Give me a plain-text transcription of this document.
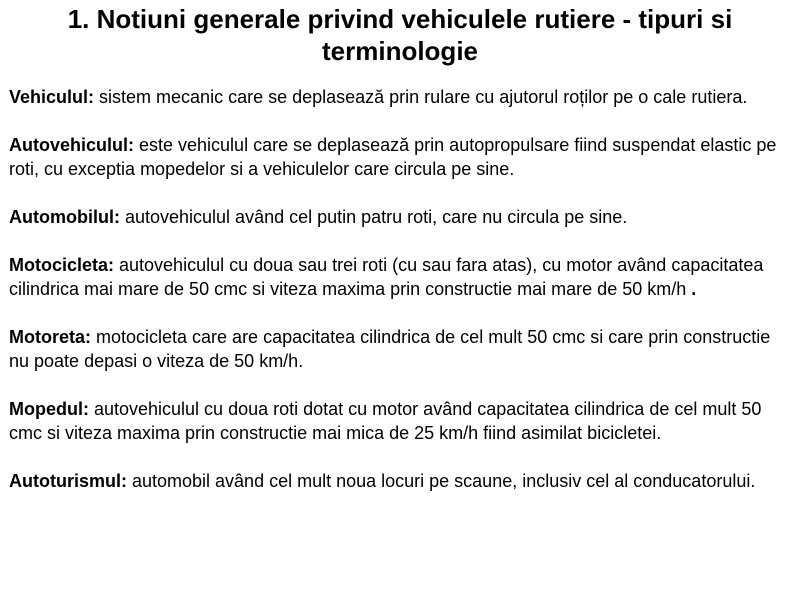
1. Notiuni generale privind vehiculele rutiere - tipuri si terminologie

Vehiculul: sistem mecanic care se deplasează prin rulare cu ajutorul roților pe o cale rutiera.

Autovehiculul: este vehiculul care se deplasează prin autopropulsare fiind suspendat elastic pe roti, cu exceptia mopedelor si a vehiculelor care circula pe sine.

Automobilul: autovehiculul având cel putin patru roti, care nu circula pe sine.

Motocicleta: autovehiculul cu doua sau trei roti (cu sau fara atas), cu motor având capacitatea cilindrica mai mare de 50 cmc si viteza maxima prin constructie mai mare de 50 km/h .

Motoreta: motocicleta care are capacitatea cilindrica de cel mult 50 cmc si care prin constructie nu poate depasi o viteza de 50 km/h.

Mopedul: autovehiculul cu doua roti dotat cu motor având capacitatea cilindrica de cel mult 50 cmc si viteza maxima prin constructie mai mica de 25 km/h fiind asimilat bicicletei.

Autoturismul: automobil având cel mult noua locuri pe scaune, inclusiv cel al conducatorului.
